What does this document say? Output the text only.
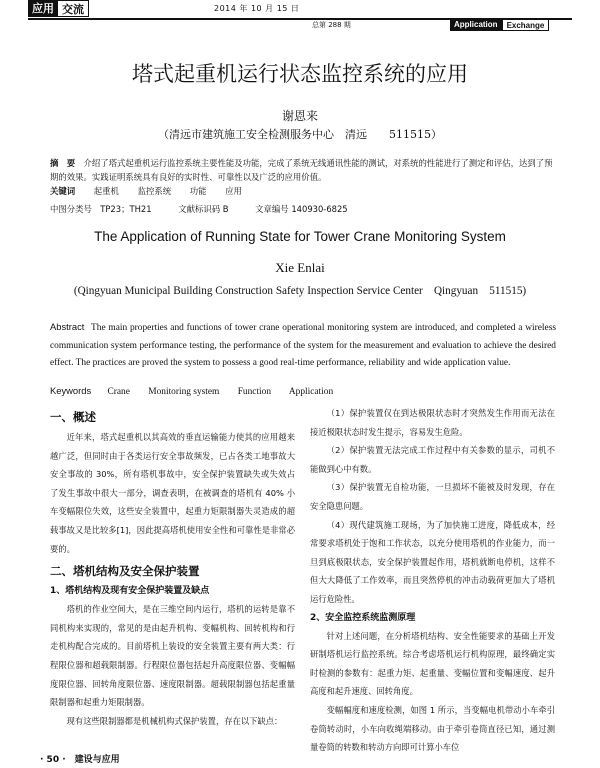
应用 交流	2014 年 10 月 15 日
总第 288 期	Application	Exchange
塔式起重机运行状态监控系统的应用
谢恩来
（清远市建筑施工安全检测服务中心　清远　　511515）
摘　要　 介绍了塔式起重机运行监控系统主要性能及功能，完成了系统无线通讯性能的测试，对系统的性能进行了测定和评估，达到了预期的效果。实践证明系统具有良好的实时性、可靠性以及广泛的应用价值。
关键词 起重机 监控系统 功能 应用
中图分类号　TP23；TH21	文献标识码 B	文章编号 140930-6825
The Application of Running State for Tower Crane Monitoring System
Xie Enlai
(Qingyuan Municipal Building Construction Safety Inspection Service Center　Qingyuan　511515)
Abstract The main properties and functions of tower crane operational monitoring system are introduced, and completed a wireless communication system performance testing, the performance of the system for the measurement and evaluation to achieve the desired effect. The practices are proved the system to possess a good real-time performance, reliability and wide application value.
Keywords Crane Monitoring system Function Application
一、概述

近年来，塔式起重机以其高效的垂直运输能力使其的应用越来越广泛，但同时由于各类运行安全事故频发，已占各类工地事故大安全事故的 30%，所有塔机事故中，安全保护装置缺失或失效占了发生事故中很大一部分，调查表明，在被调查的塔机有 40% 小车变幅限位失效，这些安全装置中，起重力矩限制器失灵造成的超载事故又是比较多[1]，因此提高塔机使用安全性和可靠性是非常必要的。

二、塔机结构及安全保护装置
1、塔机结构及现有安全保护装置及缺点

塔机的作业空间大，是在三维空间内运行，塔机的运转是靠不同机构来实现的，常见的是由起升机构、变幅机构、回转机构和行走机构配合完成的。目前塔机上装设的安全装置主要有两大类：行程限位器和超载限制器。行程限位器包括起升高度限位器、变幅幅度限位器、回转角度限位器、速度限制器。超载限制器包括起重量限制器和起重力矩限制器。

现有这些限制器都是机械机构式保护装置，存在以下缺点：

（1）保护装置仅在到达极限状态时才突然发生作用而无法在接近极限状态时发生提示，容易发生危险。

（2）保护装置无法完成工作过程中有关参数的显示，司机不能做到心中有数。

（3）保护装置无自检功能，一旦损坏不能被及时发现，存在安全隐患问题。

（4）现代建筑施工现场，为了加快施工进度，降低成本，经常要求塔机处于饱和工作状态，以充分使用塔机的作业能力，而一旦到底极限状态，安全保护装置起作用，塔机就断电停机，这样不但大大降低了工作效率，而且突然停机的冲击动载荷更加大了塔机运行危险性。

2、安全监控系统监测原理

针对上述问题，在分析塔机结构、安全性能要求的基础上开发研制塔机运行监控系统。综合考虑塔机运行机构原理，最终确定实时检测的参数有：起重力矩、起重量、变幅位置和变幅速度、起升高度和起升速度、回转角度。

变幅幅度和速度检测，如图 1 所示，当变幅电机带动小车牵引卷筒转动时，小车向收绳端移动。由于牵引卷筒直径已知，通过测量卷筒的转数和转动方向即可计算小车位

· 50 ·　建设与应用　
